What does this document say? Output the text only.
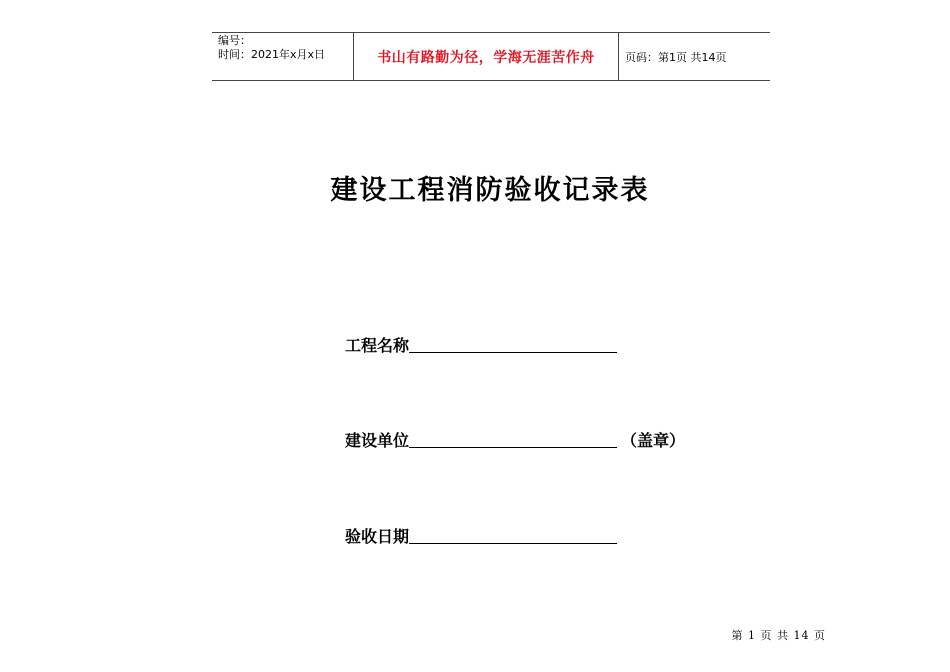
编号：
时间：2021年x月x日	书山有路勤为径，学海无涯苦作舟	页码：第1页 共14页
建设工程消防验收记录表
工程名称
建设单位	（盖章）
验收日期
第 1 页 共 14 页
